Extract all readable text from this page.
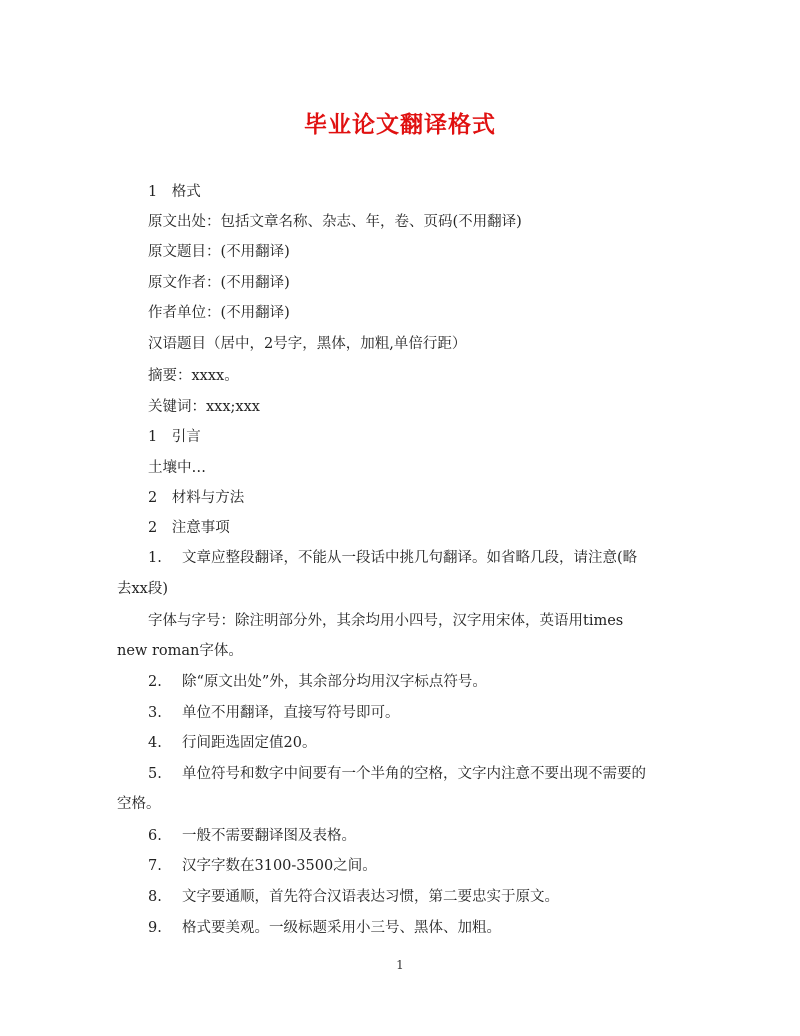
毕业论文翻译格式
1　格式
原文出处：包括文章名称、杂志、年，卷、页码(不用翻译)
原文题目：(不用翻译)
原文作者：(不用翻译)
作者单位：(不用翻译)
汉语题目（居中，2号字，黑体，加粗,单倍行距）
摘要：xxxx。
关键词：xxx;xxx
1　引言
土壤中…
2　材料与方法
2　注意事项
1. 文章应整段翻译，不能从一段话中挑几句翻译。如省略几段，请注意(略
去xx段)
字体与字号：除注明部分外，其余均用小四号，汉字用宋体，英语用times
new roman字体。
2. 除“原文出处”外，其余部分均用汉字标点符号。
3. 单位不用翻译，直接写符号即可。
4. 行间距选固定值20。
5. 单位符号和数字中间要有一个半角的空格，文字内注意不要出现不需要的
空格。
6. 一般不需要翻译图及表格。
7. 汉字字数在3100-3500之间。
8. 文字要通顺，首先符合汉语表达习惯，第二要忠实于原文。
9. 格式要美观。一级标题采用小三号、黑体、加粗。
1
